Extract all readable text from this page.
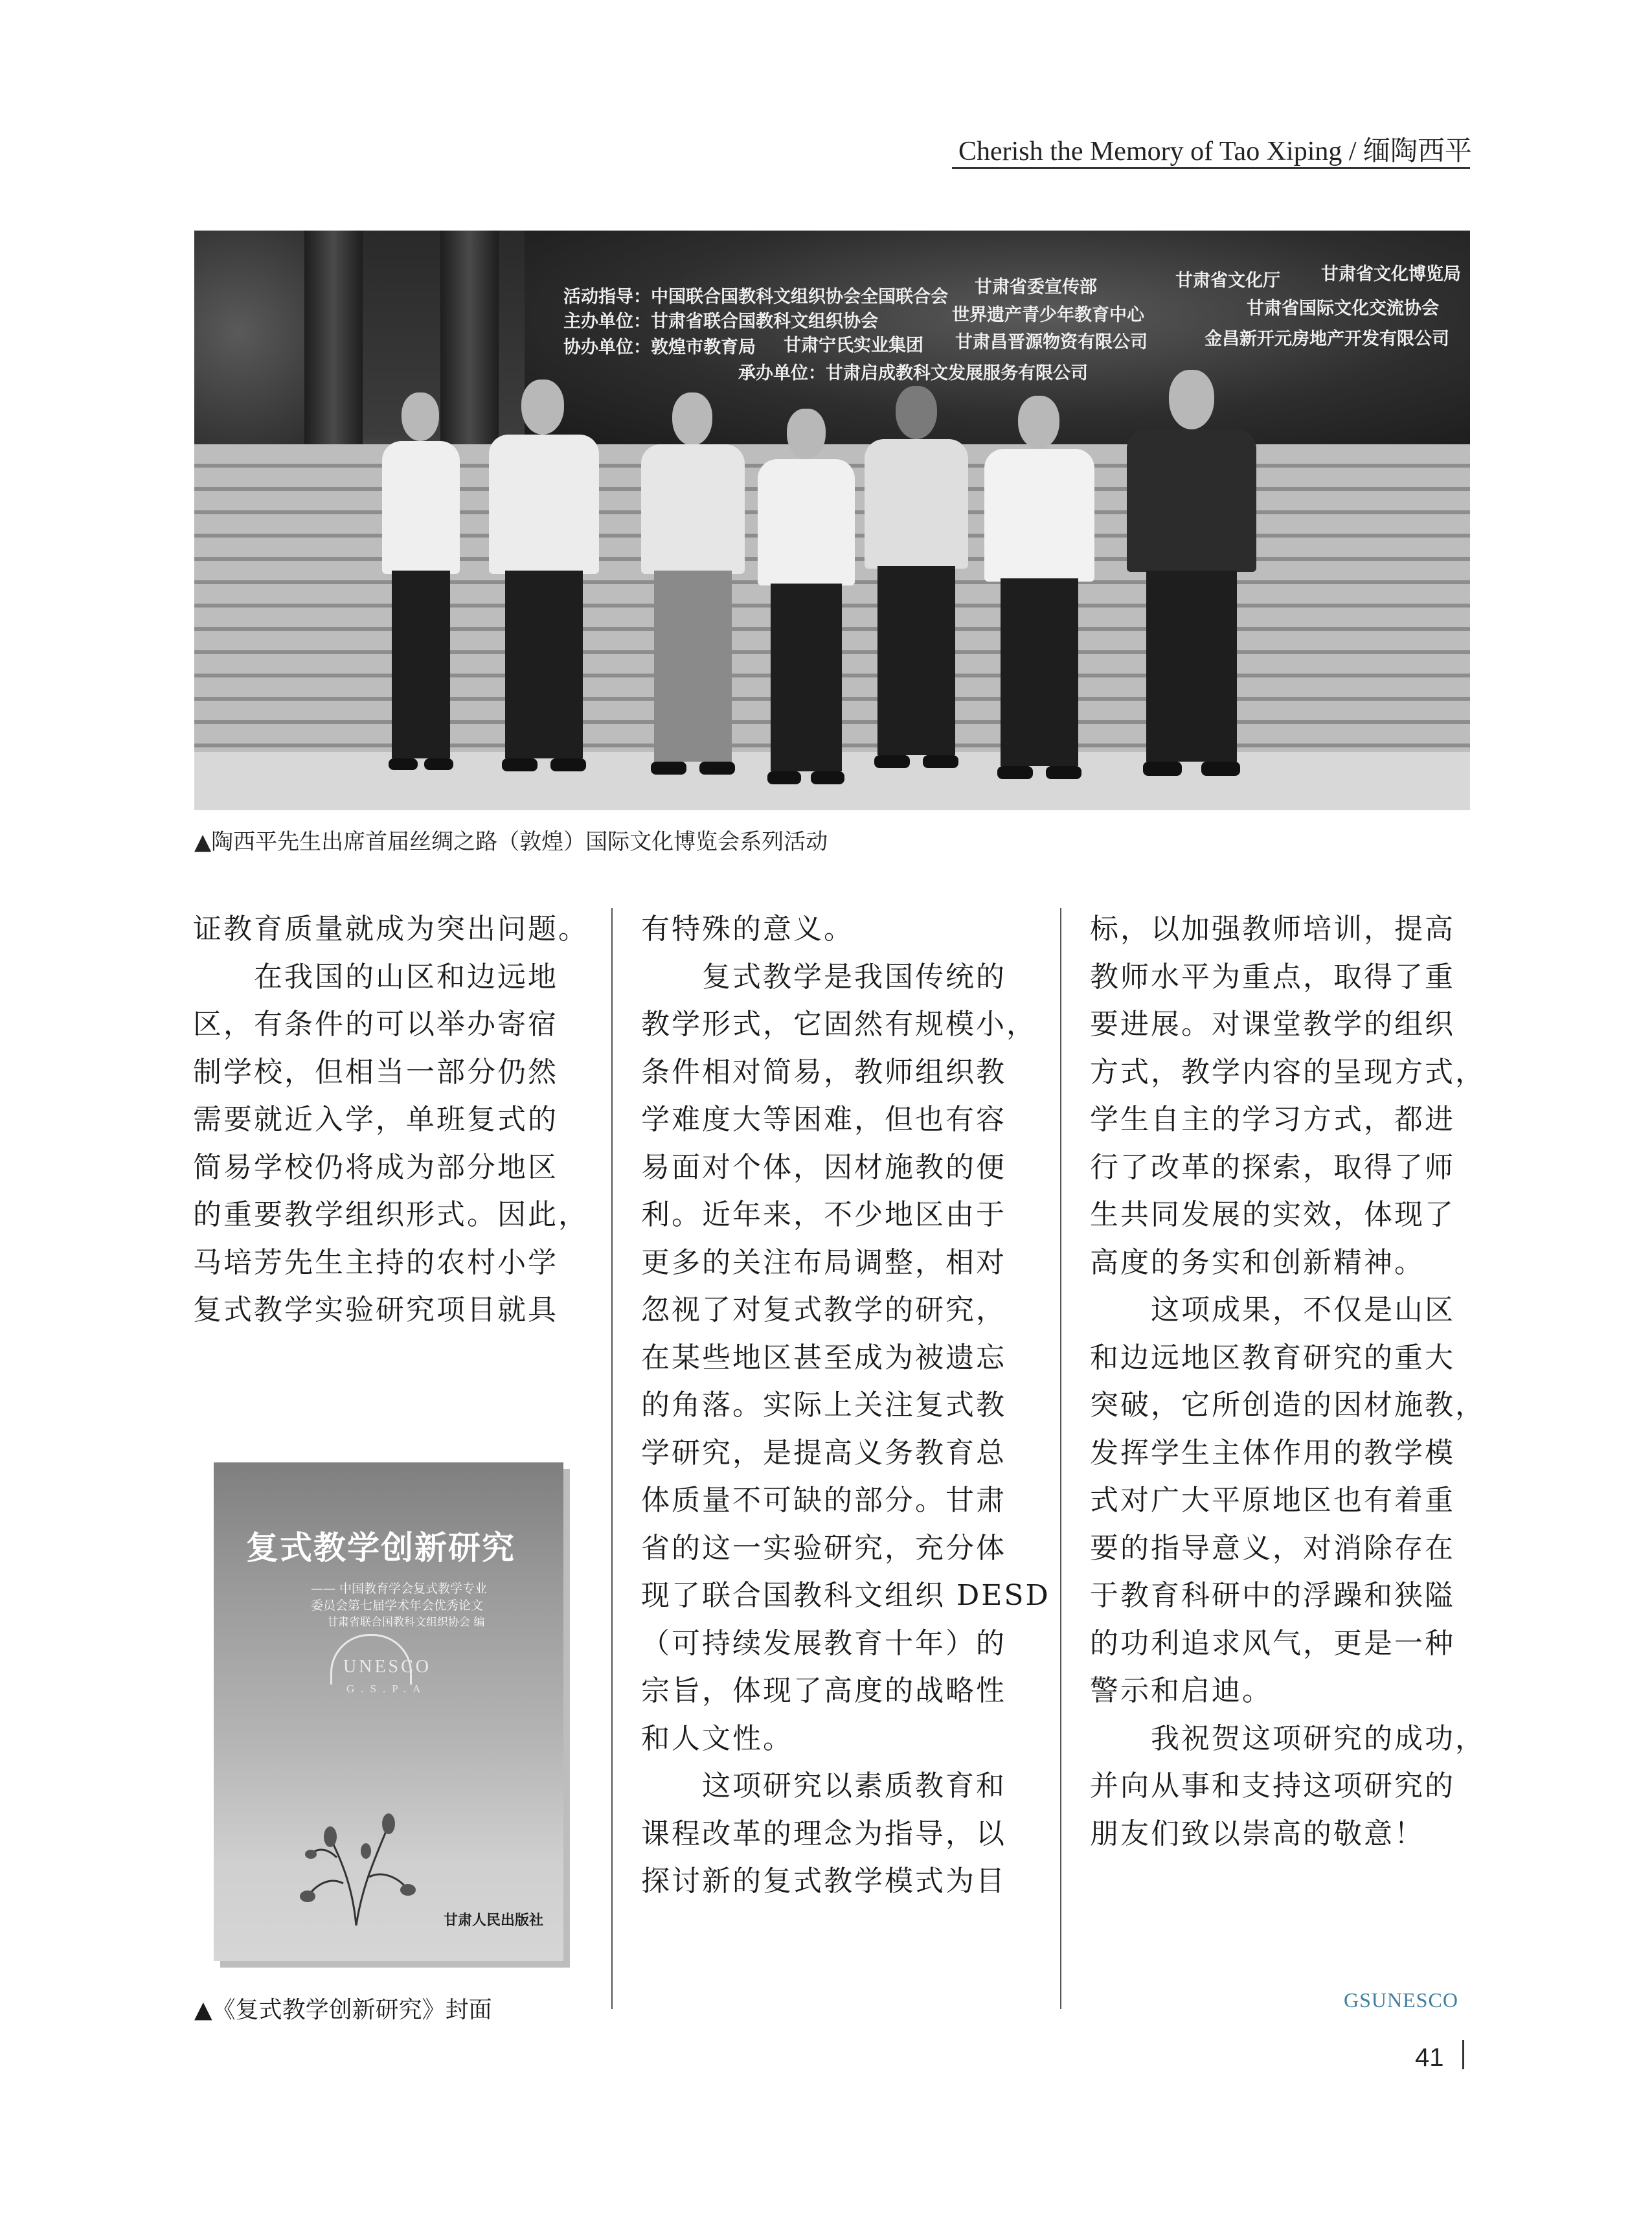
Cherish the Memory of Tao Xiping / 缅陶西平
活动指导：中国联合国教科文组织协会全国联合会 甘肃省委宣传部	甘肃省文化厅 甘肃省文化博览局
主办单位：甘肃省联合国教科文组织协会	世界遗产青少年教育中心	甘肃省国际文化交流协会
协办单位：敦煌市教育局 甘肃宁氏实业集团 甘肃昌晋源物资有限公司	金昌新开元房地产开发有限公司
承办单位：甘肃启成教科文发展服务有限公司
▲陶西平先生出席首届丝绸之路（敦煌）国际文化博览会系列活动

证教育质量就成为突出问题。

　　在我国的山区和边远地

区，有条件的可以举办寄宿

制学校，但相当一部分仍然

需要就近入学，单班复式的

简易学校仍将成为部分地区

的重要教学组织形式。因此，

马培芳先生主持的农村小学

复式教学实验研究项目就具

有特殊的意义。

　　复式教学是我国传统的

教学形式，它固然有规模小，

条件相对简易，教师组织教

学难度大等困难，但也有容

易面对个体，因材施教的便

利。近年来，不少地区由于

更多的关注布局调整，相对

忽视了对复式教学的研究，

在某些地区甚至成为被遗忘

的角落。实际上关注复式教

学研究，是提高义务教育总

体质量不可缺的部分。甘肃

省的这一实验研究，充分体

现了联合国教科文组织 DESD

（可持续发展教育十年）的

宗旨，体现了高度的战略性

和人文性。

　　这项研究以素质教育和

课程改革的理念为指导，以

探讨新的复式教学模式为目

标，以加强教师培训，提高

教师水平为重点，取得了重

要进展。对课堂教学的组织

方式，教学内容的呈现方式，

学生自主的学习方式，都进

行了改革的探索，取得了师

生共同发展的实效，体现了

高度的务实和创新精神。

　　这项成果，不仅是山区

和边远地区教育研究的重大

突破，它所创造的因材施教，

发挥学生主体作用的教学模

式对广大平原地区也有着重

要的指导意义，对消除存在

于教育科研中的浮躁和狭隘

的功利追求风气，更是一种

警示和启迪。

　　我祝贺这项研究的成功，

并向从事和支持这项研究的

朋友们致以崇高的敬意！

GSUNESCO
复式教学创新研究
—— 中国教育学会复式教学专业
委员会第七届学术年会优秀论文
甘肃省联合国教科文组织协会 编
UNESCO
G.S.P.A
甘肃人民出版社
▲《复式教学创新研究》封面
41
